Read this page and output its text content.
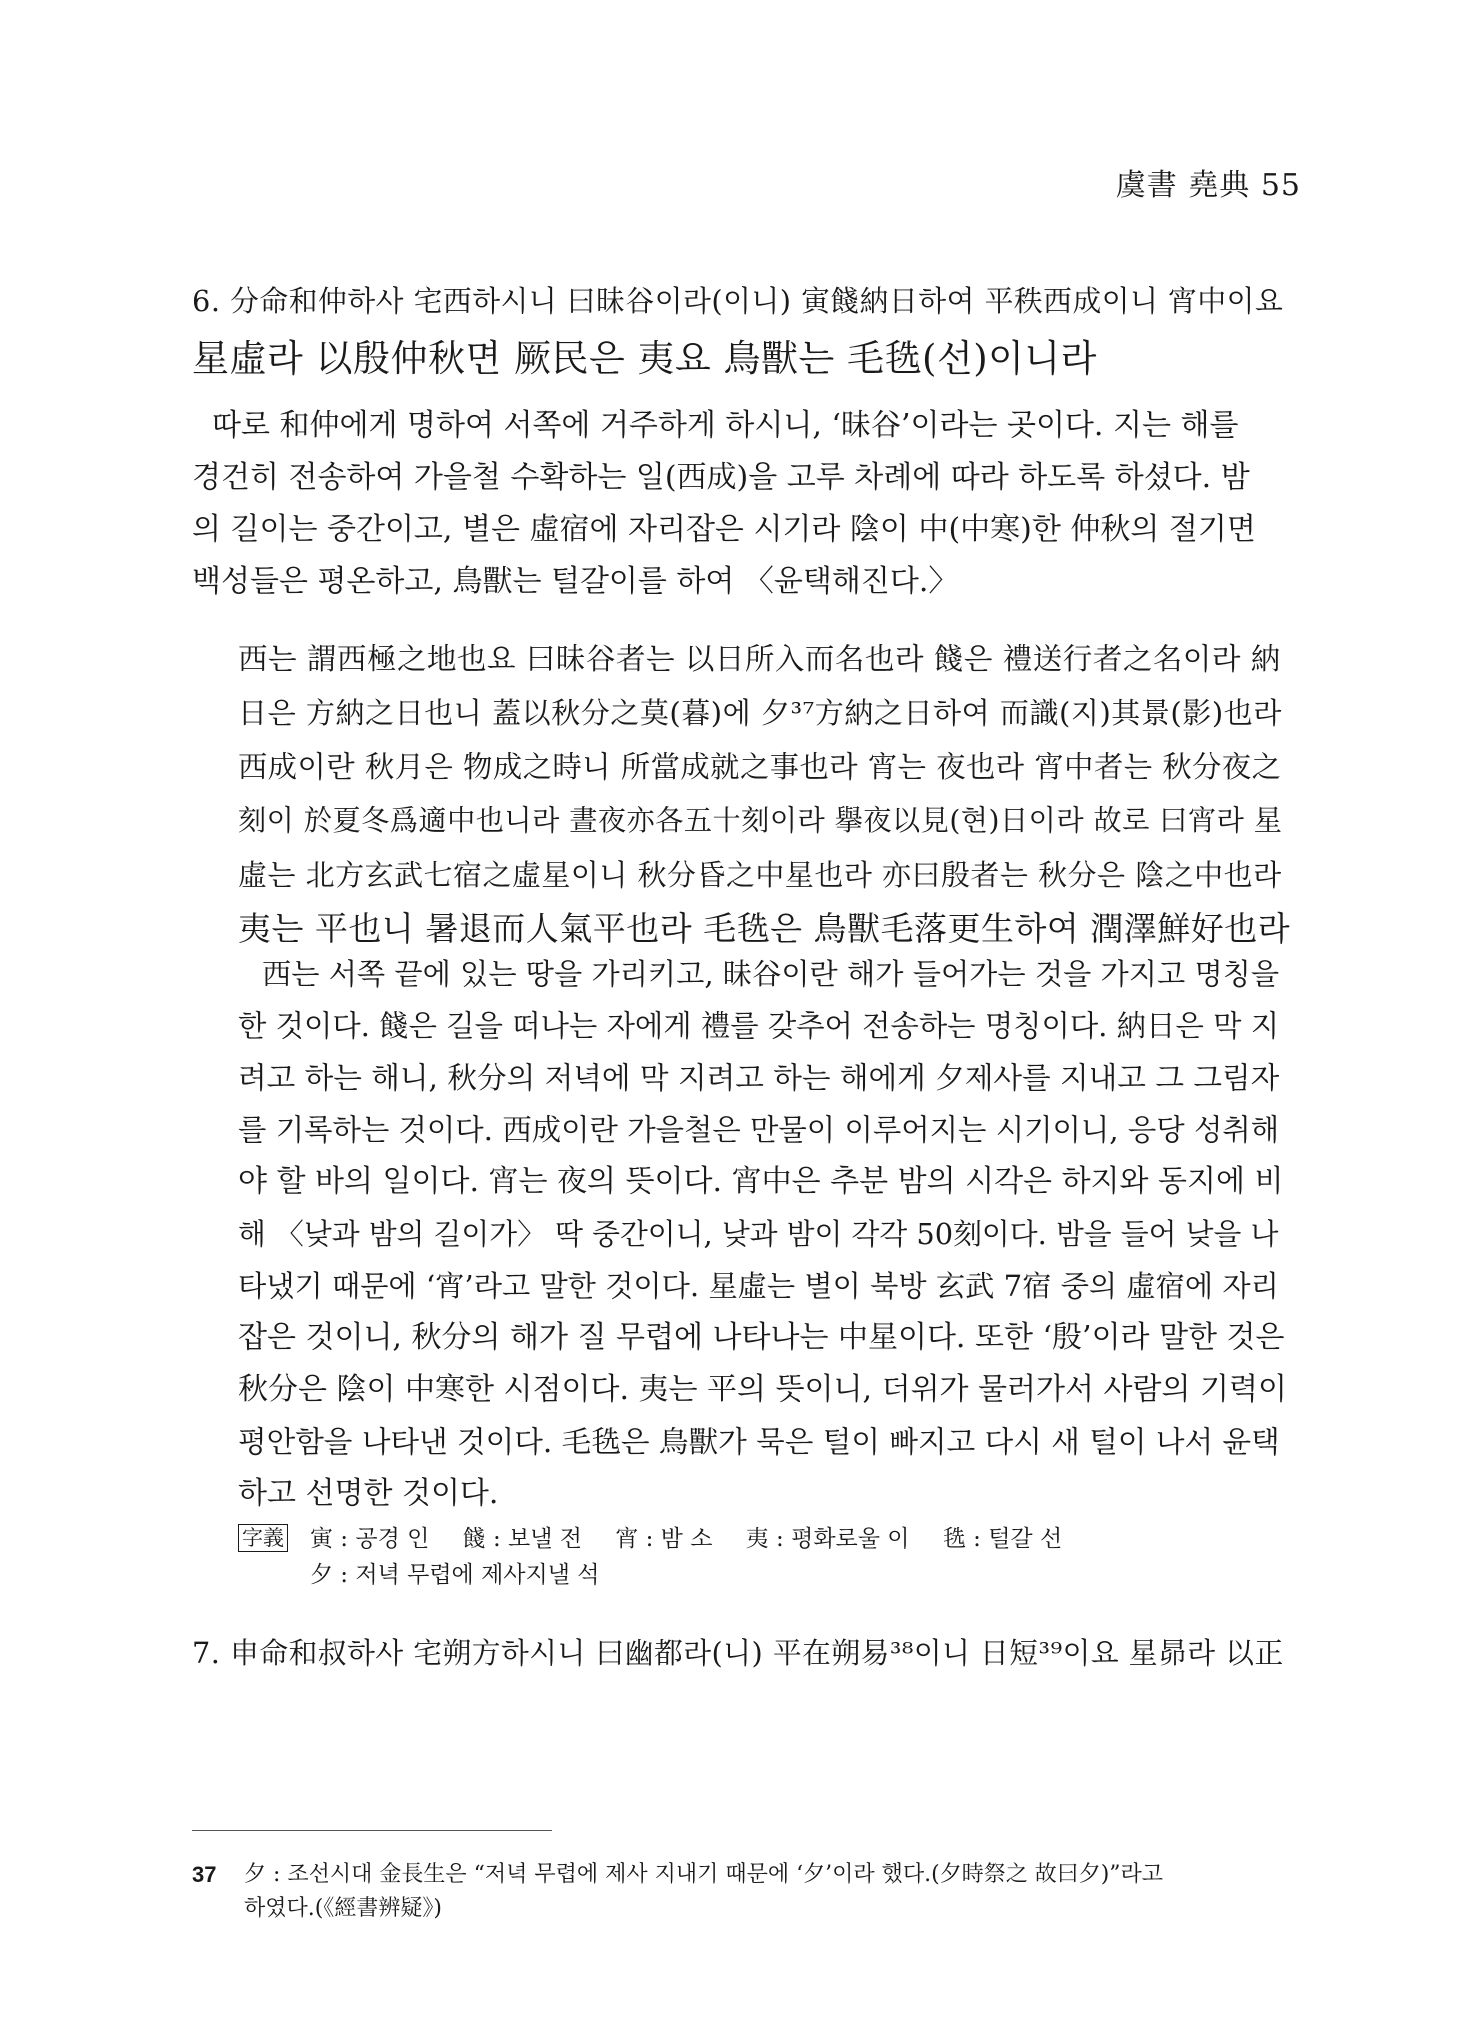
虞書 堯典 55
6. 分命和仲하사 宅西하시니 曰昧谷이라(이니) 寅餞納日하여 平秩西成이니 宵中이요
星虛라 以殷仲秋면 厥民은 夷요 鳥獸는 毛毨(선)이니라
따로 和仲에게 명하여 서쪽에 거주하게 하시니, ‘昧谷’이라는 곳이다. 지는 해를
경건히 전송하여 가을철 수확하는 일(西成)을 고루 차례에 따라 하도록 하셨다. 밤
의 길이는 중간이고, 별은 虛宿에 자리잡은 시기라 陰이 中(中寒)한 仲秋의 절기면
백성들은 평온하고, 鳥獸는 털갈이를 하여 〈윤택해진다.〉
西는 謂西極之地也요 曰昧谷者는 以日所入而名也라 餞은 禮送行者之名이라 納
日은 方納之日也니 蓋以秋分之莫(暮)에 夕³⁷方納之日하여 而識(지)其景(影)也라
西成이란 秋月은 物成之時니 所當成就之事也라 宵는 夜也라 宵中者는 秋分夜之
刻이 於夏冬爲適中也니라 晝夜亦各五十刻이라 擧夜以見(현)日이라 故로 曰宵라 星
虛는 北方玄武七宿之虛星이니 秋分昏之中星也라 亦曰殷者는 秋分은 陰之中也라
夷는 平也니 暑退而人氣平也라 毛毨은 鳥獸毛落更生하여 潤澤鮮好也라
西는 서쪽 끝에 있는 땅을 가리키고, 昧谷이란 해가 들어가는 것을 가지고 명칭을
한 것이다. 餞은 길을 떠나는 자에게 禮를 갖추어 전송하는 명칭이다. 納日은 막 지
려고 하는 해니, 秋分의 저녁에 막 지려고 하는 해에게 夕제사를 지내고 그 그림자
를 기록하는 것이다. 西成이란 가을철은 만물이 이루어지는 시기이니, 응당 성취해
야 할 바의 일이다. 宵는 夜의 뜻이다. 宵中은 추분 밤의 시각은 하지와 동지에 비
해 〈낮과 밤의 길이가〉 딱 중간이니, 낮과 밤이 각각 50刻이다. 밤을 들어 낮을 나
타냈기 때문에 ‘宵’라고 말한 것이다. 星虛는 별이 북방 玄武 7宿 중의 虛宿에 자리
잡은 것이니, 秋分의 해가 질 무렵에 나타나는 中星이다. 또한 ‘殷’이라 말한 것은
秋分은 陰이 中寒한 시점이다. 夷는 平의 뜻이니, 더위가 물러가서 사람의 기력이
평안함을 나타낸 것이다. 毛毨은 鳥獸가 묵은 털이 빠지고 다시 새 털이 나서 윤택
하고 선명한 것이다.
字義 寅 : 공경 인 餞 : 보낼 전 宵 : 밤 소 夷 : 평화로울 이 毨 : 털갈 선
夕 : 저녁 무렵에 제사지낼 석
7. 申命和叔하사 宅朔方하시니 曰幽都라(니) 平在朔易³⁸이니 日短³⁹이요 星昴라 以正
37 夕 : 조선시대 金長生은 “저녁 무렵에 제사 지내기 때문에 ‘夕’이라 했다.(夕時祭之 故曰夕)”라고
하였다.(《經書辨疑》)
